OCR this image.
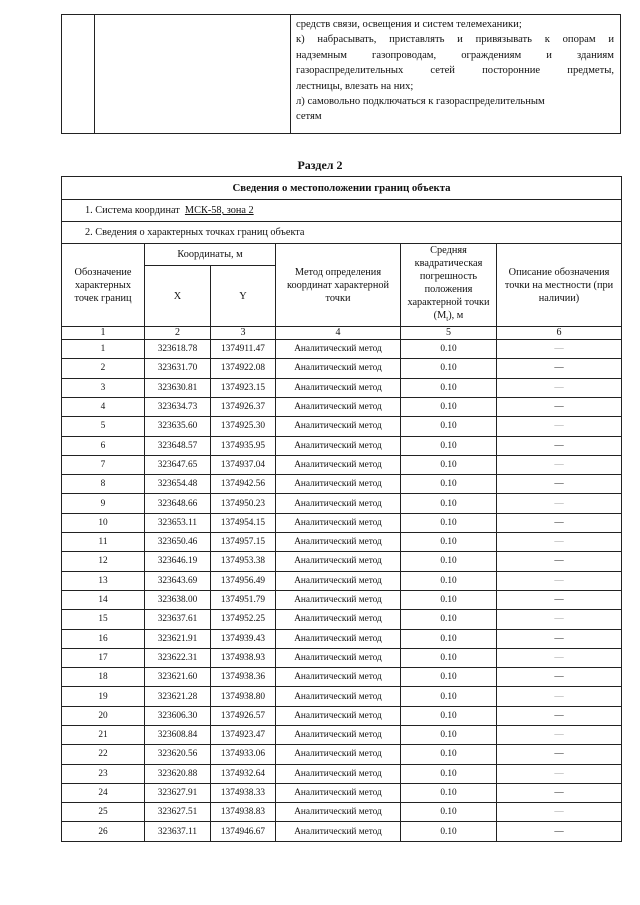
средств связи, освещения и систем телемеханики;
к) набрасывать, приставлять и привязывать к опорам и
надземным газопроводам, ограждениям и зданиям
газораспределительных сетей посторонние предметы,
лестницы, влезать на них;
л) самовольно подключаться к газораспределительным
сетям
Раздел 2
Сведения о местоположении границ объекта					
1. Система координат МСК-58, зона 2					
2. Сведения о характерных точках границ объекта					
Обозначение характерных точек границ	Координаты, м		Метод определения координат характерной точки	Средняя квадратическая погрешность положения характерной точки $(М_t)$, м	Описание обозначения точки на местности (при наличии)
	X	Y			
1	2	3	4	5	6
1	323618.78	1374911.47	Аналитический метод	0.10	—
2	323631.70	1374922.08	Аналитический метод	0.10	—
3	323630.81	1374923.15	Аналитический метод	0.10	—
4	323634.73	1374926.37	Аналитический метод	0.10	—
5	323635.60	1374925.30	Аналитический метод	0.10	—
6	323648.57	1374935.95	Аналитический метод	0.10	—
7	323647.65	1374937.04	Аналитический метод	0.10	—
8	323654.48	1374942.56	Аналитический метод	0.10	—
9	323648.66	1374950.23	Аналитический метод	0.10	—
10	323653.11	1374954.15	Аналитический метод	0.10	—
11	323650.46	1374957.15	Аналитический метод	0.10	—
12	323646.19	1374953.38	Аналитический метод	0.10	—
13	323643.69	1374956.49	Аналитический метод	0.10	—
14	323638.00	1374951.79	Аналитический метод	0.10	—
15	323637.61	1374952.25	Аналитический метод	0.10	—
16	323621.91	1374939.43	Аналитический метод	0.10	—
17	323622.31	1374938.93	Аналитический метод	0.10	—
18	323621.60	1374938.36	Аналитический метод	0.10	—
19	323621.28	1374938.80	Аналитический метод	0.10	—
20	323606.30	1374926.57	Аналитический метод	0.10	—
21	323608.84	1374923.47	Аналитический метод	0.10	—
22	323620.56	1374933.06	Аналитический метод	0.10	—
23	323620.88	1374932.64	Аналитический метод	0.10	—
24	323627.91	1374938.33	Аналитический метод	0.10	—
25	323627.51	1374938.83	Аналитический метод	0.10	—
26	323637.11	1374946.67	Аналитический метод	0.10	—
